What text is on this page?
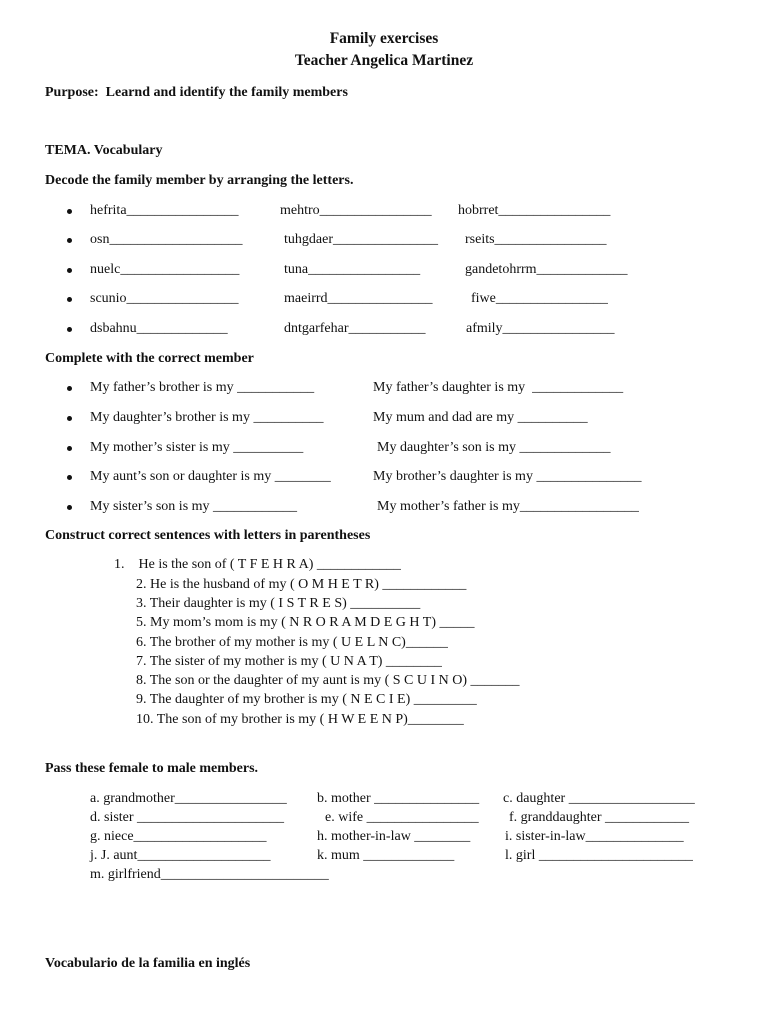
Family exercises
Teacher Angelica Martinez
Purpose:  Learnd and identify the family members
TEMA. Vocabulary
Decode the family member by arranging the letters.
hefrita________________	mehtro________________ hobrret________________
osn___________________	tuhgdaer_______________ rseits________________
nuelc_________________	tuna________________	gandetohrrm_____________
scunio________________	maeirrd_______________	fiwe________________
dsbahnu_____________	dntgarfehar___________	afmily________________
Complete with the correct member
My father’s brother is my ___________	My father’s daughter is my  _____________
My daughter’s brother is my __________	My mum and dad are my __________
My mother’s sister is my __________	My daughter’s son is my _____________
My aunt’s son or daughter is my ________	My brother’s daughter is my _______________
My sister’s son is my ____________	My mother’s father is my_________________
Construct correct sentences with letters in parentheses
1.    He is the son of ( T F E H R A) ____________
2. He is the husband of my ( O M H E T R) ____________
3. Their daughter is my ( I S T R E S) __________
5. My mom’s mom is my ( N R O R A M D E G H T) _____
6. The brother of my mother is my ( U E L N C)______
7. The sister of my mother is my ( U N A T) ________
8. The son or the daughter of my aunt is my ( S C U I N O) _______
9. The daughter of my brother is my ( N E C I E) _________
10. The son of my brother is my ( H W E E N P)________
Pass these female to male members.
a. grandmother________________ b. mother _______________ c. daughter __________________
d. sister _____________________	e. wife ________________ f. granddaughter ____________
g. niece___________________	h. mother-in-law ________ i. sister-in-law______________
j. J. aunt___________________	k. mum _____________	l. girl ______________________
m. girlfriend________________________
Vocabulario de la familia en inglés
